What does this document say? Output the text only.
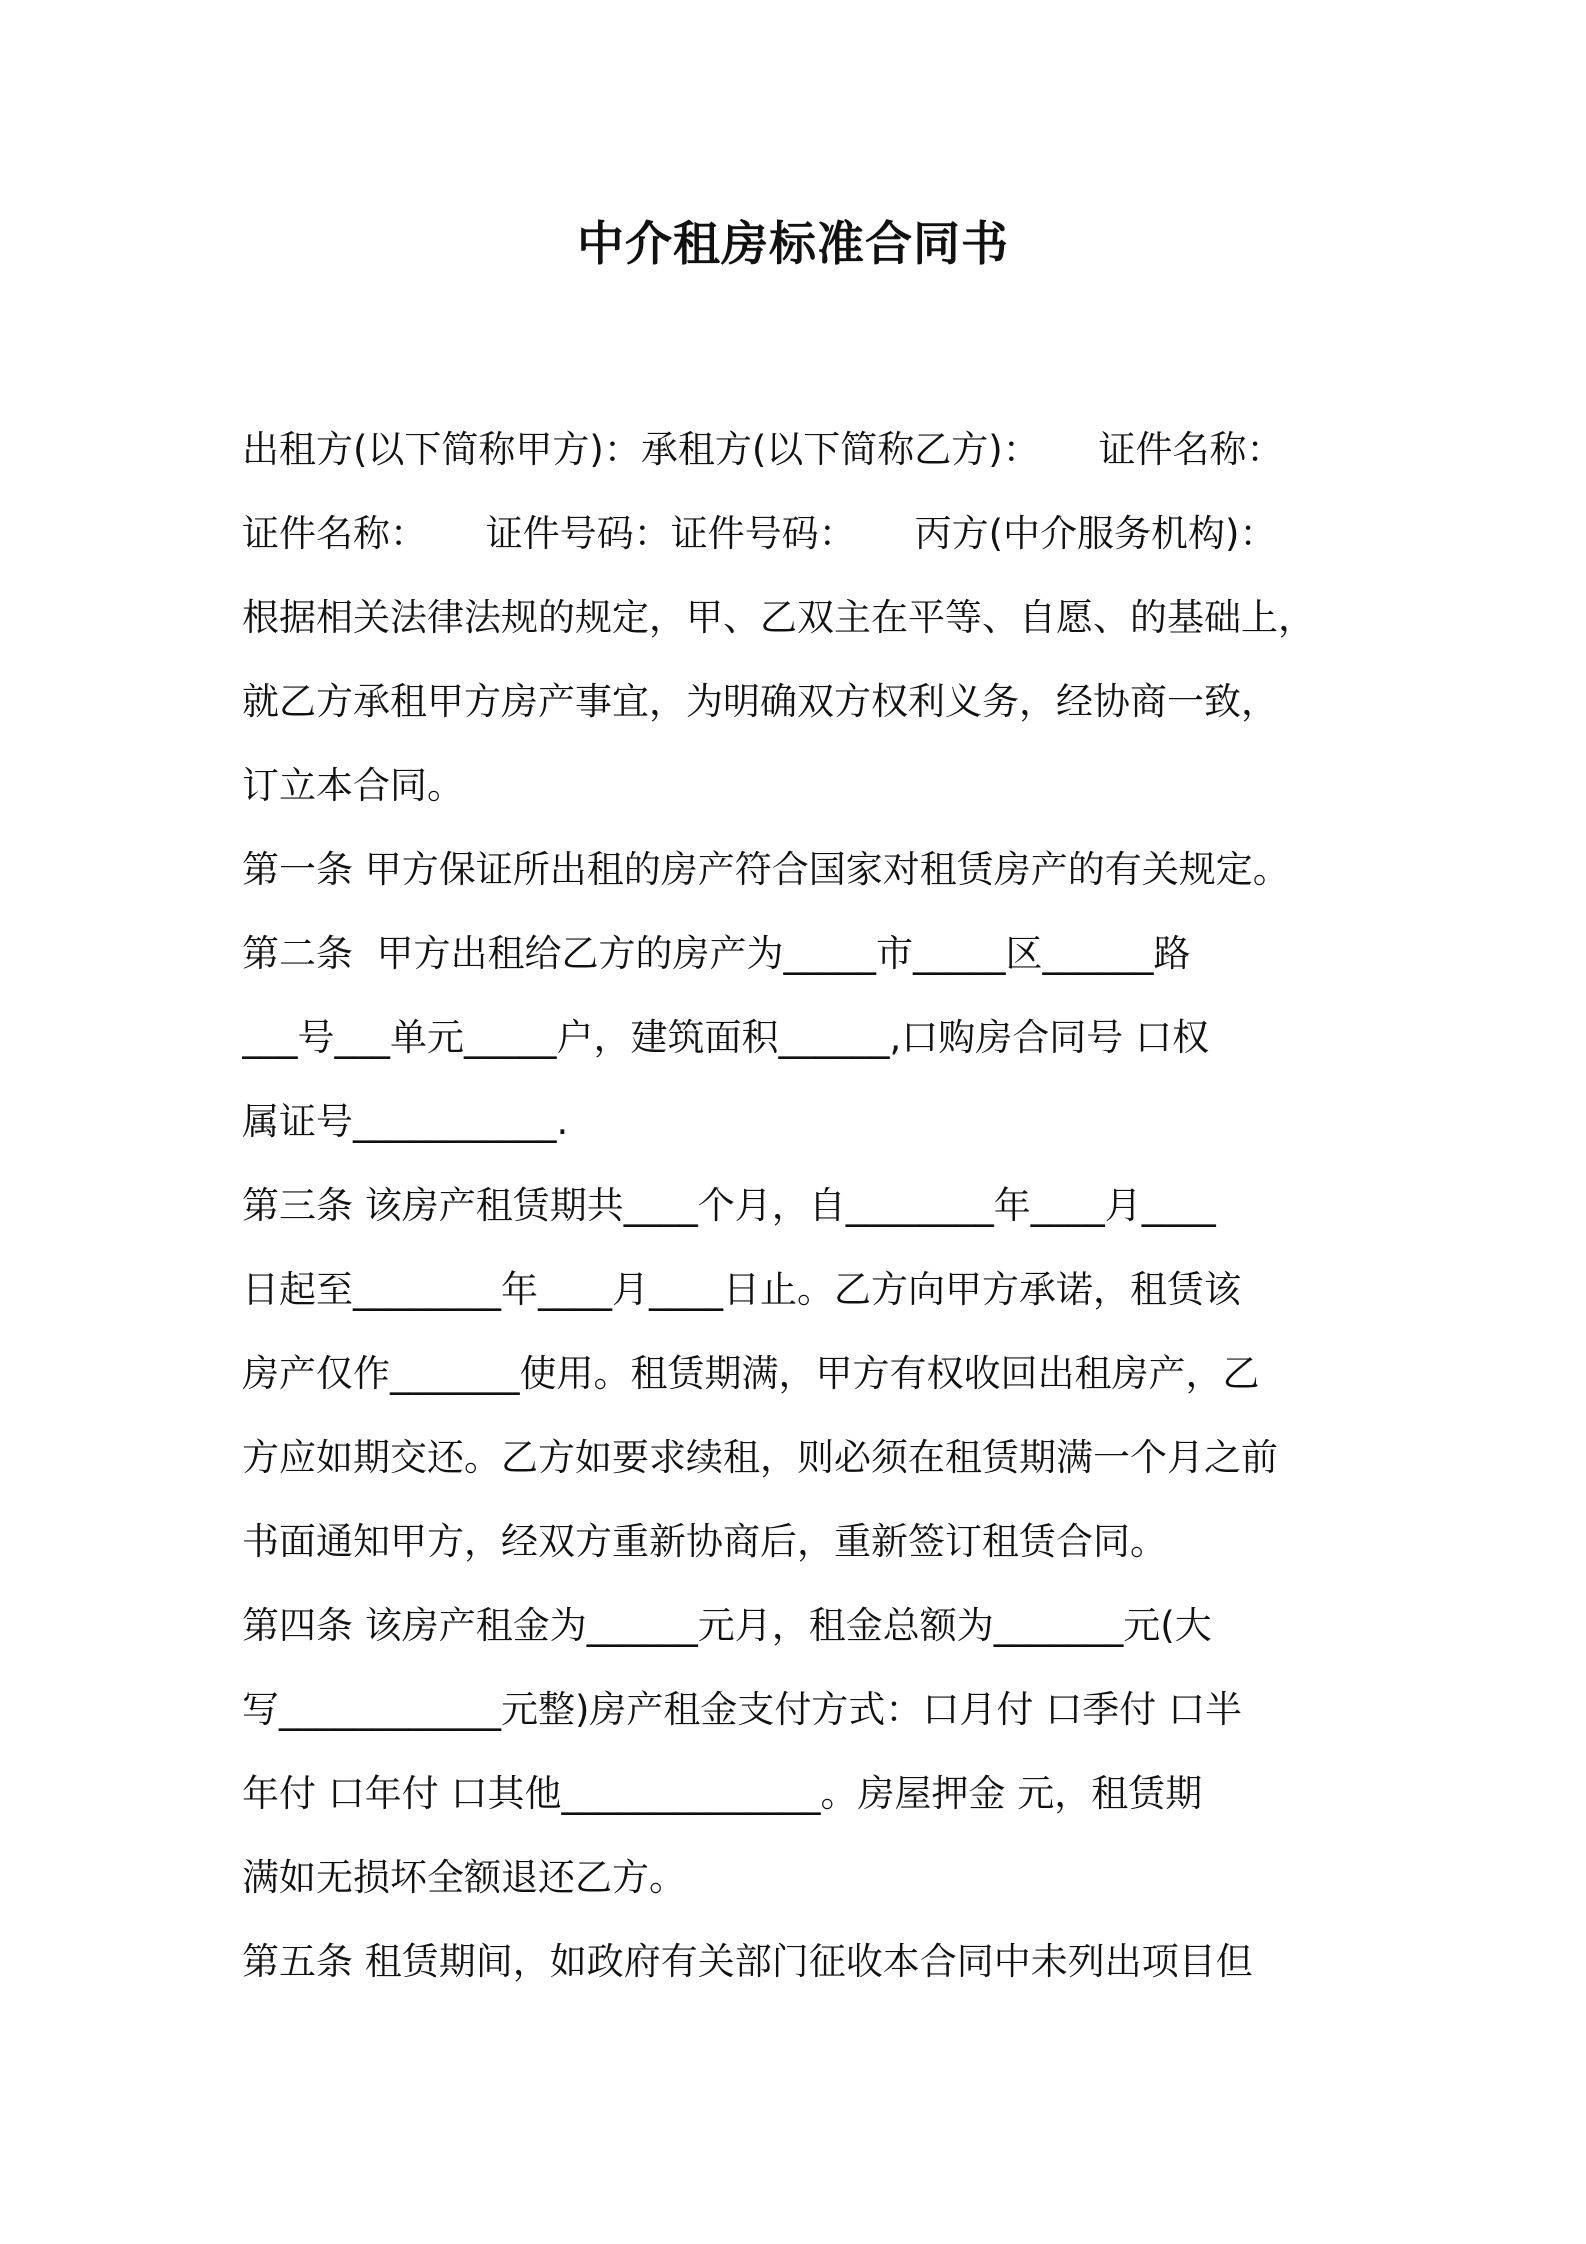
中介租房标准合同书
出租方(以下简称甲方)：承租方(以下简称乙方)：     证件名称：
证件名称：     证件号码：证件号码：     丙方(中介服务机构)：
根据相关法律法规的规定，甲、乙双主在平等、自愿、的基础上，
就乙方承租甲方房产事宜，为明确双方权利义务，经协商一致，
订立本合同。
第一条 甲方保证所出租的房产符合国家对租赁房产的有关规定。
第二条  甲方出租给乙方的房产为_____市_____区______路
___号___单元_____户，建筑面积______,口购房合同号 口权
属证号___________.
第三条 该房产租赁期共____个月，自________年____月____
日起至________年____月____日止。乙方向甲方承诺，租赁该
房产仅作_______使用。租赁期满，甲方有权收回出租房产，乙
方应如期交还。乙方如要求续租，则必须在租赁期满一个月之前
书面通知甲方，经双方重新协商后，重新签订租赁合同。
第四条 该房产租金为______元月，租金总额为_______元(大
写____________元整)房产租金支付方式：口月付 口季付 口半
年付 口年付 口其他______________。房屋押金 元，租赁期
满如无损坏全额退还乙方。
第五条 租赁期间，如政府有关部门征收本合同中未列出项目但
